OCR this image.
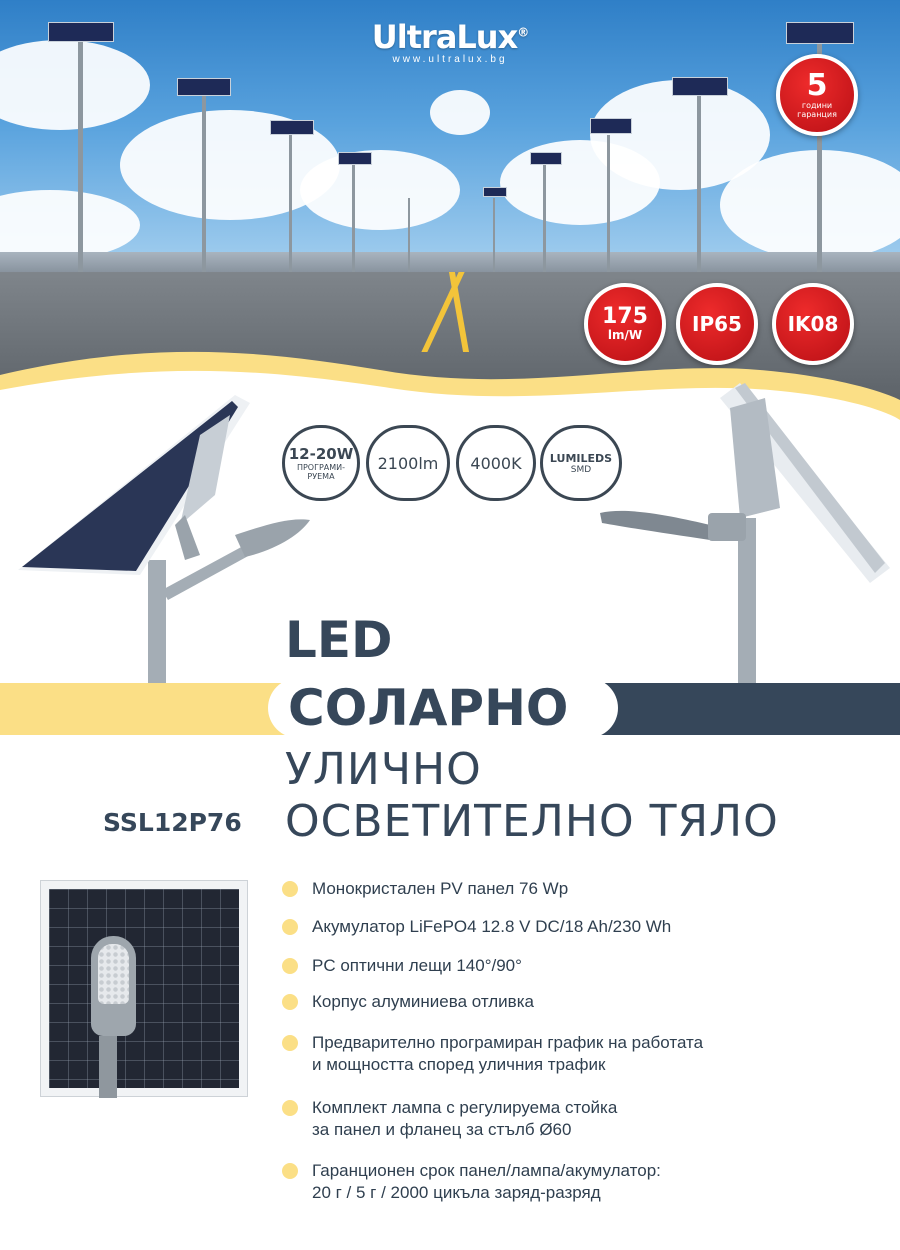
UltraLux®
www.ultralux.bg
5
години
гаранция
175
lm/W IP65 IK08
12-20W
ПРОГРАМИ-
РУЕМА
2100lm 4000K	LUMILEDS
SMD
LED
СОЛАРНО
УЛИЧНО
ОСВЕТИТЕЛНО ТЯЛО
SSL12P76
Монокристален PV панел 76 Wp
Акумулатор LiFePO4 12.8 V DC/18 Ah/230 Wh
PC оптични лещи 140°/90°
Корпус алуминиева отливка
Предварително програмиран график на работата
и мощността според уличния трафик
Комплект лампа с регулируема стойка
за панел и фланец за стълб Ø60
Гаранционен срок панел/лампа/акумулатор:
20 г / 5 г / 2000 цикъла заряд-разряд
